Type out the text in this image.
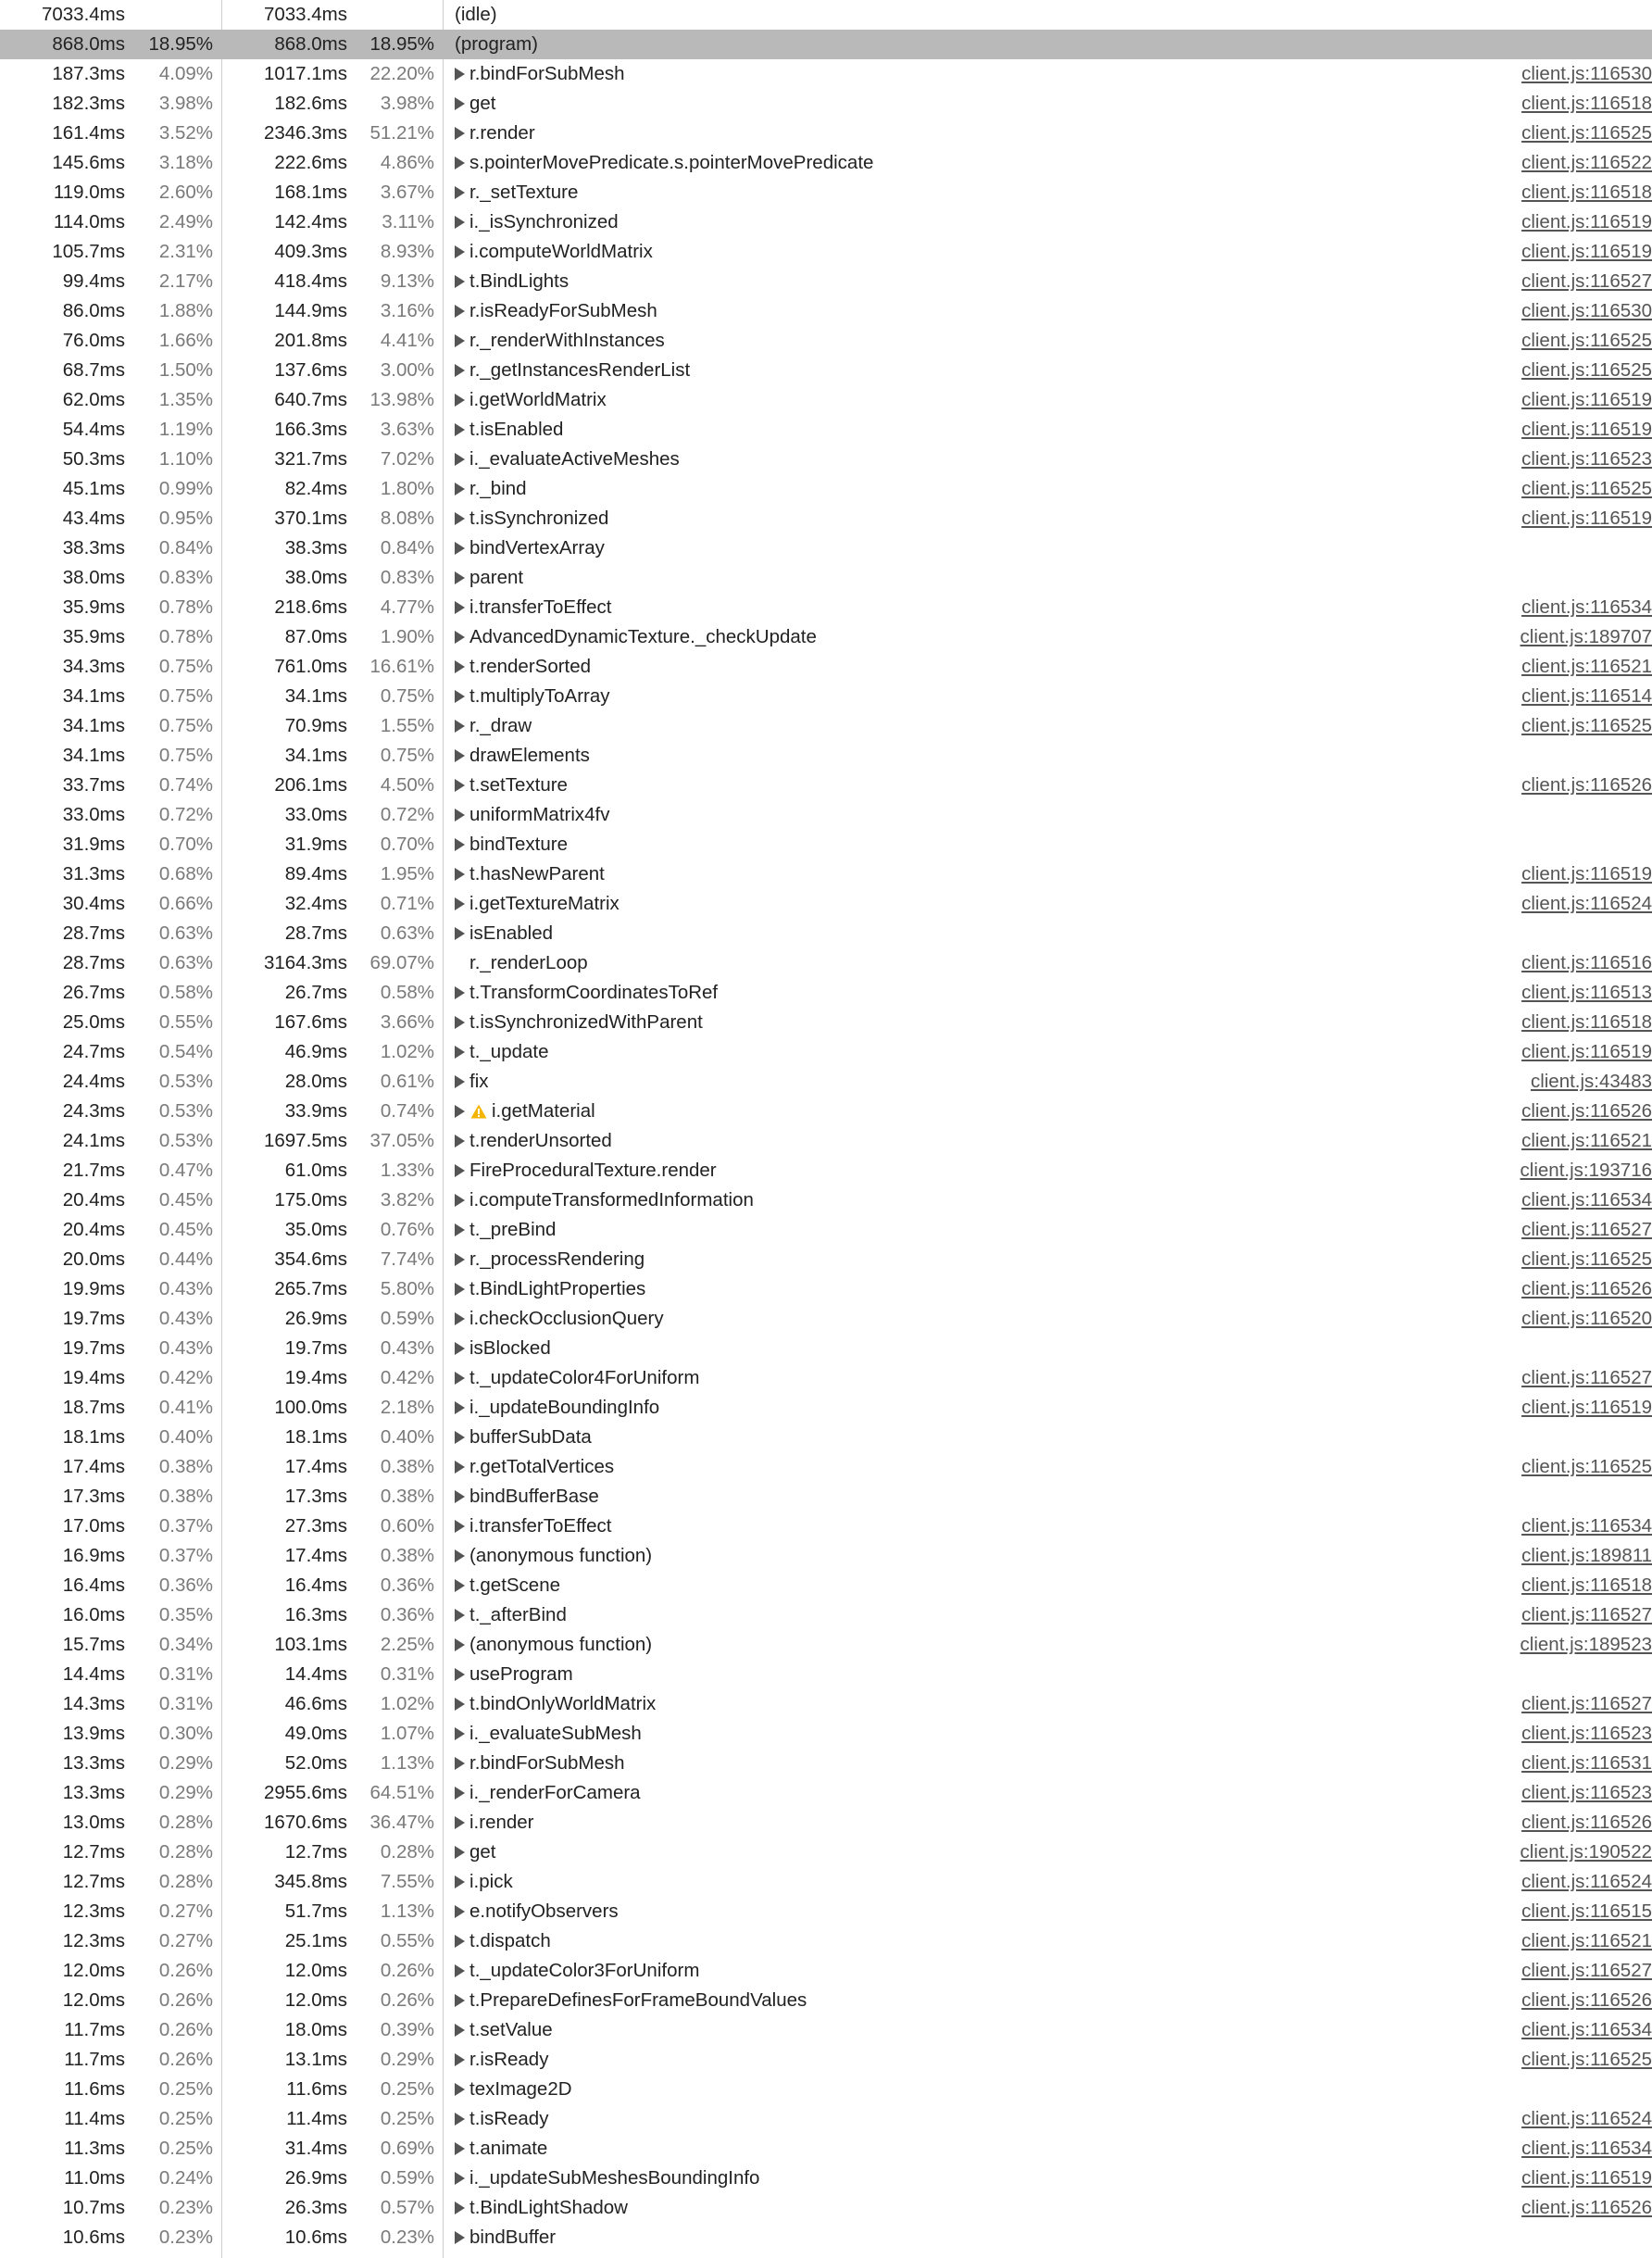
7033.4ms	7033.4ms	(idle)
868.0ms 18.95%	868.0ms 18.95% (program)
187.3ms 4.09%	1017.1ms 22.20% r.bindForSubMesh	client.js:116530
182.3ms 3.98%	182.6ms 3.98% get	client.js:116518
161.4ms 3.52%	2346.3ms 51.21% r.render	client.js:116525
145.6ms 3.18%	222.6ms 4.86% s.pointerMovePredicate.s.pointerMovePredicate	client.js:116522
119.0ms 2.60%	168.1ms 3.67% r._setTexture	client.js:116518
114.0ms 2.49%	142.4ms 3.11% i._isSynchronized	client.js:116519
105.7ms 2.31%	409.3ms 8.93% i.computeWorldMatrix	client.js:116519
99.4ms 2.17%	418.4ms 9.13% t.BindLights	client.js:116527
86.0ms 1.88%	144.9ms 3.16% r.isReadyForSubMesh	client.js:116530
76.0ms 1.66%	201.8ms 4.41% r._renderWithInstances	client.js:116525
68.7ms 1.50%	137.6ms 3.00% r._getInstancesRenderList	client.js:116525
62.0ms 1.35%	640.7ms 13.98% i.getWorldMatrix	client.js:116519
54.4ms 1.19%	166.3ms 3.63% t.isEnabled	client.js:116519
50.3ms 1.10%	321.7ms 7.02% i._evaluateActiveMeshes	client.js:116523
45.1ms 0.99%	82.4ms 1.80% r._bind	client.js:116525
43.4ms 0.95%	370.1ms 8.08% t.isSynchronized	client.js:116519
38.3ms 0.84%	38.3ms 0.84% bindVertexArray
38.0ms 0.83%	38.0ms 0.83% parent
35.9ms 0.78%	218.6ms 4.77% i.transferToEffect	client.js:116534
35.9ms 0.78%	87.0ms 1.90% AdvancedDynamicTexture._checkUpdate	client.js:189707
34.3ms 0.75%	761.0ms 16.61% t.renderSorted	client.js:116521
34.1ms 0.75%	34.1ms 0.75% t.multiplyToArray	client.js:116514
34.1ms 0.75%	70.9ms 1.55% r._draw	client.js:116525
34.1ms 0.75%	34.1ms 0.75% drawElements
33.7ms 0.74%	206.1ms 4.50% t.setTexture	client.js:116526
33.0ms 0.72%	33.0ms 0.72% uniformMatrix4fv
31.9ms 0.70%	31.9ms 0.70% bindTexture
31.3ms 0.68%	89.4ms 1.95% t.hasNewParent	client.js:116519
30.4ms 0.66%	32.4ms 0.71% i.getTextureMatrix	client.js:116524
28.7ms 0.63%	28.7ms 0.63% isEnabled
28.7ms 0.63%	3164.3ms 69.07% r._renderLoop	client.js:116516
26.7ms 0.58%	26.7ms 0.58% t.TransformCoordinatesToRef	client.js:116513
25.0ms 0.55%	167.6ms 3.66% t.isSynchronizedWithParent	client.js:116518
24.7ms 0.54%	46.9ms 1.02% t._update	client.js:116519
24.4ms 0.53%	28.0ms 0.61% fix	client.js:43483
24.3ms 0.53%	33.9ms 0.74%	i.getMaterial	client.js:116526
24.1ms 0.53%	1697.5ms 37.05% t.renderUnsorted	client.js:116521
21.7ms 0.47%	61.0ms 1.33% FireProceduralTexture.render	client.js:193716
20.4ms 0.45%	175.0ms 3.82% i.computeTransformedInformation	client.js:116534
20.4ms 0.45%	35.0ms 0.76% t._preBind	client.js:116527
20.0ms 0.44%	354.6ms 7.74% r._processRendering	client.js:116525
19.9ms 0.43%	265.7ms 5.80% t.BindLightProperties	client.js:116526
19.7ms 0.43%	26.9ms 0.59% i.checkOcclusionQuery	client.js:116520
19.7ms 0.43%	19.7ms 0.43% isBlocked
19.4ms 0.42%	19.4ms 0.42% t._updateColor4ForUniform	client.js:116527
18.7ms 0.41%	100.0ms 2.18% i._updateBoundingInfo	client.js:116519
18.1ms 0.40%	18.1ms 0.40% bufferSubData
17.4ms 0.38%	17.4ms 0.38% r.getTotalVertices	client.js:116525
17.3ms 0.38%	17.3ms 0.38% bindBufferBase
17.0ms 0.37%	27.3ms 0.60% i.transferToEffect	client.js:116534
16.9ms 0.37%	17.4ms 0.38% (anonymous function)	client.js:189811
16.4ms 0.36%	16.4ms 0.36% t.getScene	client.js:116518
16.0ms 0.35%	16.3ms 0.36% t._afterBind	client.js:116527
15.7ms 0.34%	103.1ms 2.25% (anonymous function)	client.js:189523
14.4ms 0.31%	14.4ms 0.31% useProgram
14.3ms 0.31%	46.6ms 1.02% t.bindOnlyWorldMatrix	client.js:116527
13.9ms 0.30%	49.0ms 1.07% i._evaluateSubMesh	client.js:116523
13.3ms 0.29%	52.0ms 1.13% r.bindForSubMesh	client.js:116531
13.3ms 0.29%	2955.6ms 64.51% i._renderForCamera	client.js:116523
13.0ms 0.28%	1670.6ms 36.47% i.render	client.js:116526
12.7ms 0.28%	12.7ms 0.28% get	client.js:190522
12.7ms 0.28%	345.8ms 7.55% i.pick	client.js:116524
12.3ms 0.27%	51.7ms 1.13% e.notifyObservers	client.js:116515
12.3ms 0.27%	25.1ms 0.55% t.dispatch	client.js:116521
12.0ms 0.26%	12.0ms 0.26% t._updateColor3ForUniform	client.js:116527
12.0ms 0.26%	12.0ms 0.26% t.PrepareDefinesForFrameBoundValues	client.js:116526
11.7ms 0.26%	18.0ms 0.39% t.setValue	client.js:116534
11.7ms 0.26%	13.1ms 0.29% r.isReady	client.js:116525
11.6ms 0.25%	11.6ms 0.25% texImage2D
11.4ms 0.25%	11.4ms 0.25% t.isReady	client.js:116524
11.3ms 0.25%	31.4ms 0.69% t.animate	client.js:116534
11.0ms 0.24%	26.9ms 0.59% i._updateSubMeshesBoundingInfo	client.js:116519
10.7ms 0.23%	26.3ms 0.57% t.BindLightShadow	client.js:116526
10.6ms 0.23%	10.6ms 0.23% bindBuffer
